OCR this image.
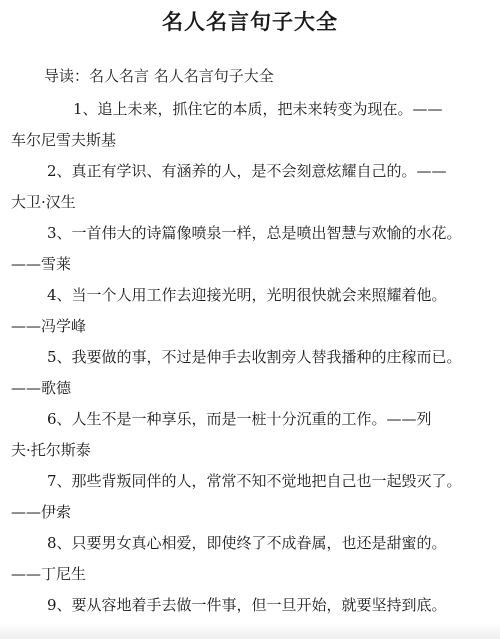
名人名言句子大全
导读：名人名言 名人名言句子大全
1、追上未来，抓住它的本质，把未来转变为现在。——
车尔尼雪夫斯基
2、真正有学识、有涵养的人，是不会刻意炫耀自己的。——
大卫·汉生
3、一首伟大的诗篇像喷泉一样，总是喷出智慧与欢愉的水花。
——雪莱
4、当一个人用工作去迎接光明，光明很快就会来照耀着他。
——冯学峰
5、我要做的事，不过是伸手去收割旁人替我播种的庄稼而已。
——歌德
6、人生不是一种享乐，而是一桩十分沉重的工作。——列
夫·托尔斯泰
7、那些背叛同伴的人，常常不知不觉地把自己也一起毁灭了。
——伊索
8、只要男女真心相爱，即使终了不成眷属，也还是甜蜜的。
——丁尼生
9、要从容地着手去做一件事，但一旦开始，就要坚持到底。
